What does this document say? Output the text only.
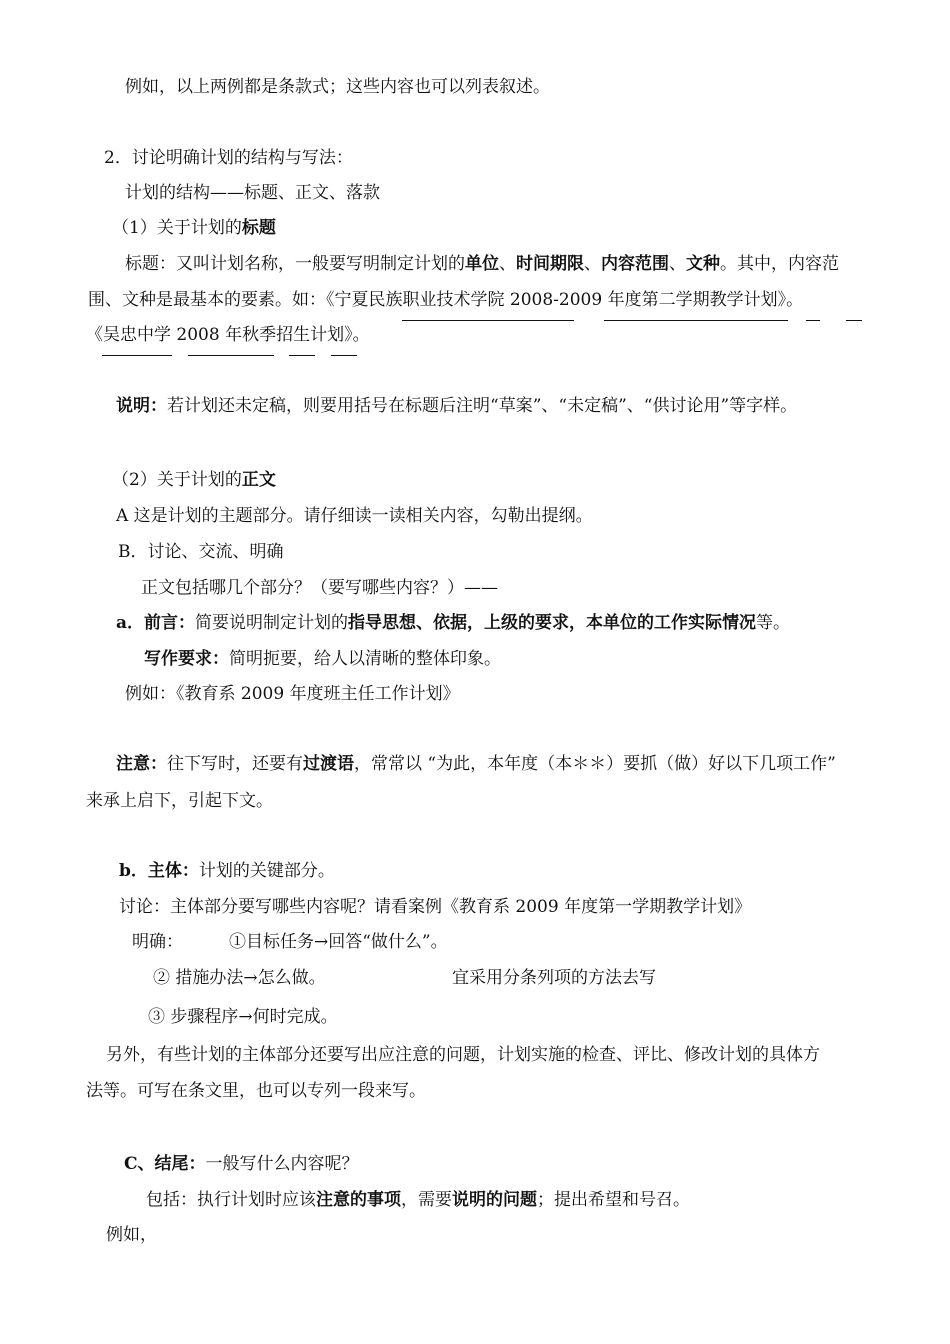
例如，以上两例都是条款式；这些内容也可以列表叙述。
2．讨论明确计划的结构与写法：
计划的结构——标题、正文、落款
（1）关于计划的标题
标题：又叫计划名称，一般要写明制定计划的单位、时间期限、内容范围、文种。其中，内容范
围、文种是最基本的要素。如：《宁夏民族职业技术学院 2008-2009 年度第二学期教学计划》。
《吴忠中学 2008 年秋季招生计划》。
说明：若计划还未定稿，则要用括号在标题后注明“草案”、“未定稿”、“供讨论用”等字样。
（2）关于计划的正文
A 这是计划的主题部分。请仔细读一读相关内容，勾勒出提纲。
B．讨论、交流、明确
正文包括哪几个部分？（要写哪些内容？）——
a．前言：简要说明制定计划的指导思想、依据，上级的要求，本单位的工作实际情况等。
写作要求：简明扼要，给人以清晰的整体印象。
例如：《教育系 2009 年度班主任工作计划》
注意：往下写时，还要有过渡语，常常以 “为此，本年度（本＊＊）要抓（做）好以下几项工作”
来承上启下，引起下文。
b．主体：计划的关键部分。
讨论：主体部分要写哪些内容呢？请看案例《教育系 2009 年度第一学期教学计划》
明确：	①目标任务→回答“做什么”。
② 措施办法→怎么做。	宜采用分条列项的方法去写
③ 步骤程序→何时完成。
另外，有些计划的主体部分还要写出应注意的问题，计划实施的检查、评比、修改计划的具体方
法等。可写在条文里，也可以专列一段来写。
C、结尾：一般写什么内容呢？
包括：执行计划时应该注意的事项，需要说明的问题；提出希望和号召。
例如，
